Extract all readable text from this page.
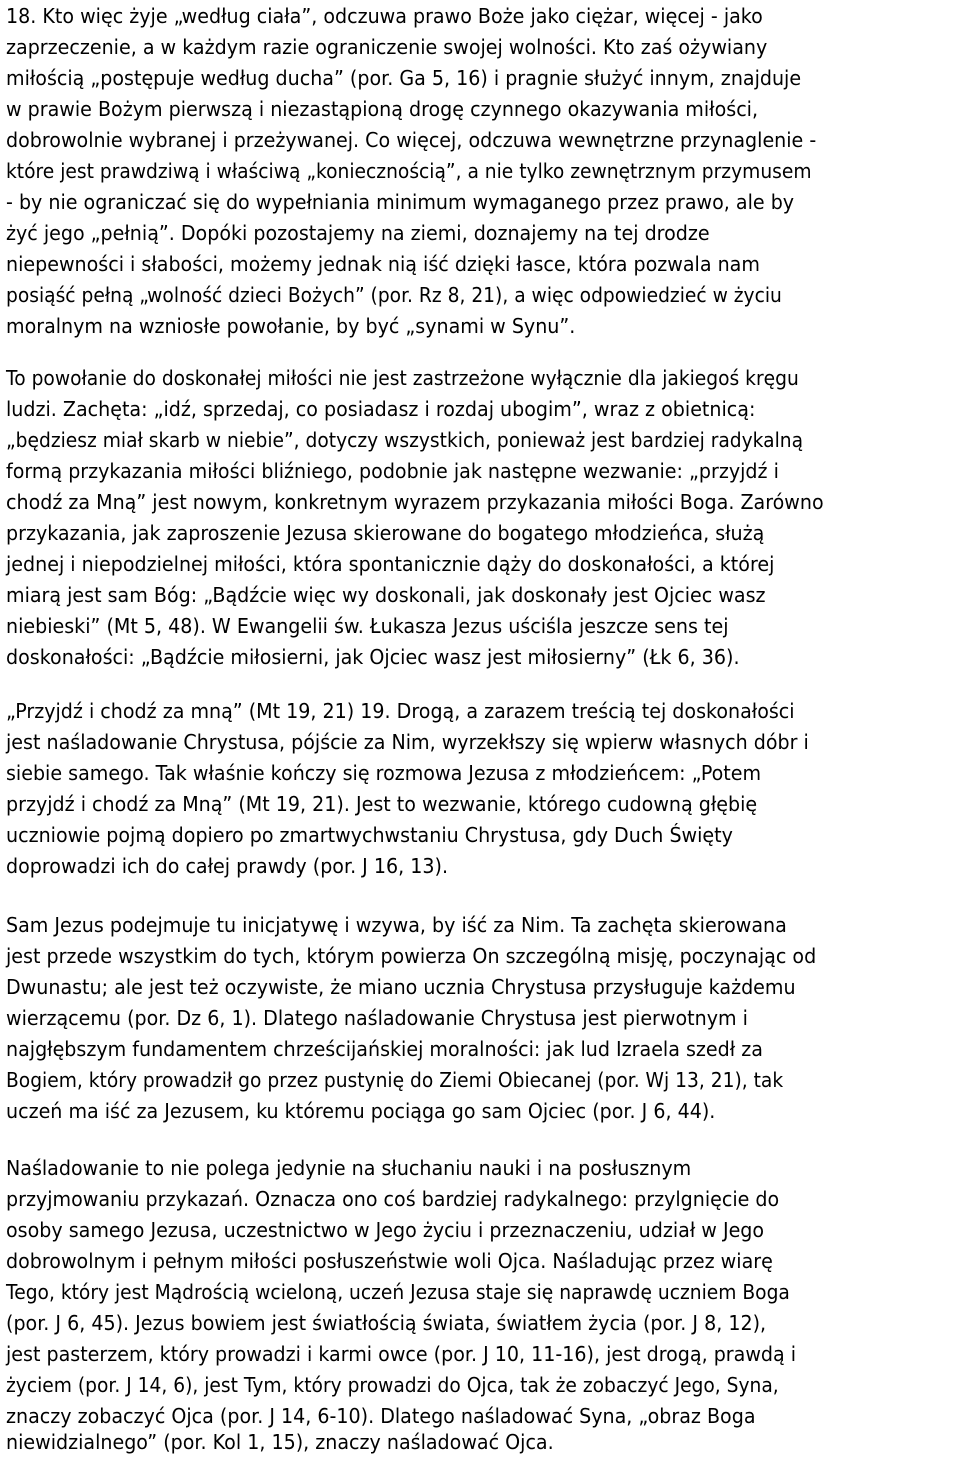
18. Kto więc żyje „według ciała”, odczuwa prawo Boże jako ciężar, więcej - jako
zaprzeczenie, a w każdym razie ograniczenie swojej wolności. Kto zaś ożywiany
miłością „postępuje według ducha” (por. Ga 5, 16) i pragnie służyć innym, znajduje
w prawie Bożym pierwszą i niezastąpioną drogę czynnego okazywania miłości,
dobrowolnie wybranej i przeżywanej. Co więcej, odczuwa wewnętrzne przynaglenie -
które jest prawdziwą i właściwą „koniecznością”, a nie tylko zewnętrznym przymusem
- by nie ograniczać się do wypełniania minimum wymaganego przez prawo, ale by
żyć jego „pełnią”. Dopóki pozostajemy na ziemi, doznajemy na tej drodze
niepewności i słabości, możemy jednak nią iść dzięki łasce, która pozwala nam
posiąść pełną „wolność dzieci Bożych” (por. Rz 8, 21), a więc odpowiedzieć w życiu
moralnym na wzniosłe powołanie, by być „synami w Synu”.
To powołanie do doskonałej miłości nie jest zastrzeżone wyłącznie dla jakiegoś kręgu
ludzi. Zachęta: „idź, sprzedaj, co posiadasz i rozdaj ubogim”, wraz z obietnicą:
„będziesz miał skarb w niebie”, dotyczy wszystkich, ponieważ jest bardziej radykalną
formą przykazania miłości bliźniego, podobnie jak następne wezwanie: „przyjdź i
chodź za Mną” jest nowym, konkretnym wyrazem przykazania miłości Boga. Zarówno
przykazania, jak zaproszenie Jezusa skierowane do bogatego młodzieńca, służą
jednej i niepodzielnej miłości, która spontanicznie dąży do doskonałości, a której
miarą jest sam Bóg: „Bądźcie więc wy doskonali, jak doskonały jest Ojciec wasz
niebieski” (Mt 5, 48). W Ewangelii św. Łukasza Jezus uściśla jeszcze sens tej
doskonałości: „Bądźcie miłosierni, jak Ojciec wasz jest miłosierny” (Łk 6, 36).
„Przyjdź i chodź za mną” (Mt 19, 21) 19. Drogą, a zarazem treścią tej doskonałości
jest naśladowanie Chrystusa, pójście za Nim, wyrzekłszy się wpierw własnych dóbr i
siebie samego. Tak właśnie kończy się rozmowa Jezusa z młodzieńcem: „Potem
przyjdź i chodź za Mną” (Mt 19, 21). Jest to wezwanie, którego cudowną głębię
uczniowie pojmą dopiero po zmartwychwstaniu Chrystusa, gdy Duch Święty
doprowadzi ich do całej prawdy (por. J 16, 13).
Sam Jezus podejmuje tu inicjatywę i wzywa, by iść za Nim. Ta zachęta skierowana
jest przede wszystkim do tych, którym powierza On szczególną misję, poczynając od
Dwunastu; ale jest też oczywiste, że miano ucznia Chrystusa przysługuje każdemu
wierzącemu (por. Dz 6, 1). Dlatego naśladowanie Chrystusa jest pierwotnym i
najgłębszym fundamentem chrześcijańskiej moralności: jak lud Izraela szedł za
Bogiem, który prowadził go przez pustynię do Ziemi Obiecanej (por. Wj 13, 21), tak
uczeń ma iść za Jezusem, ku któremu pociąga go sam Ojciec (por. J 6, 44).
Naśladowanie to nie polega jedynie na słuchaniu nauki i na posłusznym
przyjmowaniu przykazań. Oznacza ono coś bardziej radykalnego: przylgnięcie do
osoby samego Jezusa, uczestnictwo w Jego życiu i przeznaczeniu, udział w Jego
dobrowolnym i pełnym miłości posłuszeństwie woli Ojca. Naśladując przez wiarę
Tego, który jest Mądrością wcieloną, uczeń Jezusa staje się naprawdę uczniem Boga
(por. J 6, 45). Jezus bowiem jest światłością świata, światłem życia (por. J 8, 12),
jest pasterzem, który prowadzi i karmi owce (por. J 10, 11-16), jest drogą, prawdą i
życiem (por. J 14, 6), jest Tym, który prowadzi do Ojca, tak że zobaczyć Jego, Syna,
znaczy zobaczyć Ojca (por. J 14, 6-10). Dlatego naśladować Syna, „obraz Boga
niewidzialnego” (por. Kol 1, 15), znaczy naśladować Ojca.
